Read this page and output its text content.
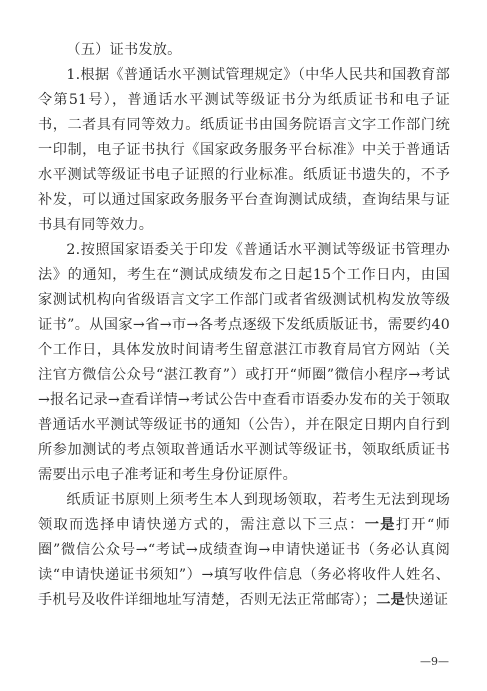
（五）证书发放。

1.根据《普通话水平测试管理规定》（中华人民共和国教育部令第51号），普通话水平测试等级证书分为纸质证书和电子证书，二者具有同等效力。纸质证书由国务院语言文字工作部门统一印制，电子证书执行《国家政务服务平台标准》中关于普通话水平测试等级证书电子证照的行业标准。纸质证书遗失的，不予补发，可以通过国家政务服务平台查询测试成绩，查询结果与证书具有同等效力。

2.按照国家语委关于印发《普通话水平测试等级证书管理办法》的通知，考生在“测试成绩发布之日起15个工作日内，由国家测试机构向省级语言文字工作部门或者省级测试机构发放等级证书”。从国家→省→市→各考点逐级下发纸质版证书，需要约40个工作日，具体发放时间请考生留意湛江市教育局官方网站（关注官方微信公众号“湛江教育”）或打开“师圈”微信小程序→考试→报名记录→查看详情→考试公告中查看市语委办发布的关于领取普通话水平测试等级证书的通知（公告），并在限定日期内自行到所参加测试的考点领取普通话水平测试等级证书，领取纸质证书需要出示电子准考证和考生身份证原件。

纸质证书原则上须考生本人到现场领取，若考生无法到现场领取而选择申请快递方式的，需注意以下三点：一是打开“师圈”微信公众号→“考试→成绩查询→申请快递证书（务必认真阅读“申请快递证书须知”）→填写收件信息（务必将收件人姓名、手机号及收件详细地址写清楚，否则无法正常邮寄）；二是快递证

—9—
